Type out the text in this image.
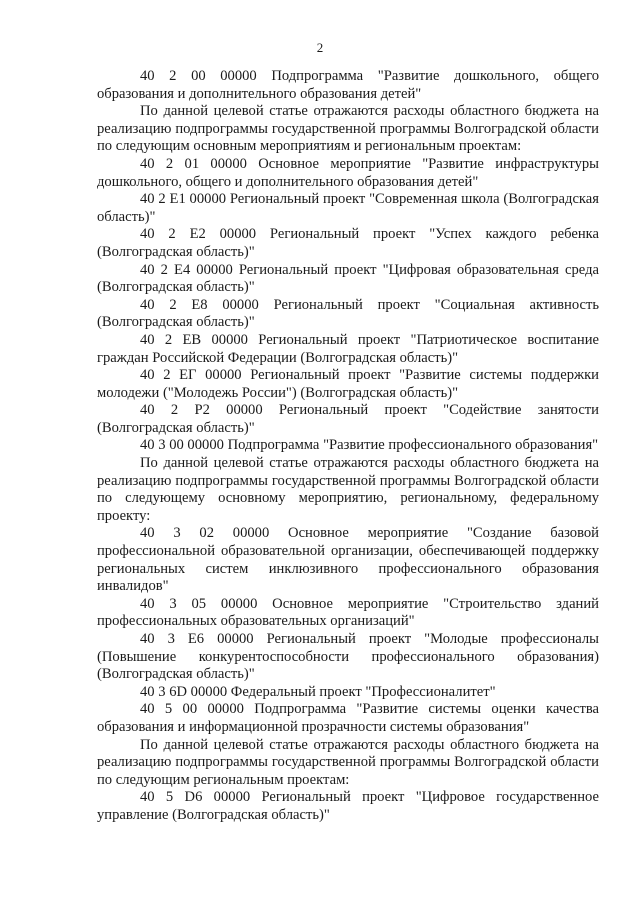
2

40 2 00 00000 Подпрограмма "Развитие дошкольного, общего образования и дополнительного образования детей"

По данной целевой статье отражаются расходы областного бюджета на реализацию подпрограммы государственной программы Волгоградской области по следующим основным мероприятиям и региональным проектам:

40 2 01 00000 Основное мероприятие "Развитие инфраструктуры дошкольного, общего и дополнительного образования детей"

40 2 E1 00000 Региональный проект "Современная школа (Волгоградская область)"

40 2 E2 00000 Региональный проект "Успех каждого ребенка (Волгоградская область)"

40 2 E4 00000 Региональный проект "Цифровая образовательная среда (Волгоградская область)"

40 2 E8 00000 Региональный проект "Социальная активность (Волгоградская область)"

40 2 EB 00000 Региональный проект "Патриотическое воспитание граждан Российской Федерации (Волгоградская область)"

40 2 ЕГ 00000 Региональный проект "Развитие системы поддержки молодежи ("Молодежь России") (Волгоградская область)"

40 2 P2 00000 Региональный проект "Содействие занятости (Волгоградская область)"

40 3 00 00000 Подпрограмма "Развитие профессионального образования"

По данной целевой статье отражаются расходы областного бюджета на реализацию подпрограммы государственной программы Волгоградской области по следующему основному мероприятию, региональному, федеральному проекту:

40 3 02 00000 Основное мероприятие "Создание базовой профессиональной образовательной организации, обеспечивающей поддержку региональных систем инклюзивного профессионального образования инвалидов"

40 3 05 00000 Основное мероприятие "Строительство зданий профессиональных образовательных организаций"

40 3 E6 00000 Региональный проект "Молодые профессионалы (Повышение конкурентоспособности профессионального образования) (Волгоградская область)"

40 3 6D 00000 Федеральный проект "Профессионалитет"

40 5 00 00000 Подпрограмма "Развитие системы оценки качества образования и информационной прозрачности системы образования"

По данной целевой статье отражаются расходы областного бюджета на реализацию подпрограммы государственной программы Волгоградской области по следующим региональным проектам:

40 5 D6 00000 Региональный проект "Цифровое государственное управление (Волгоградская область)"
